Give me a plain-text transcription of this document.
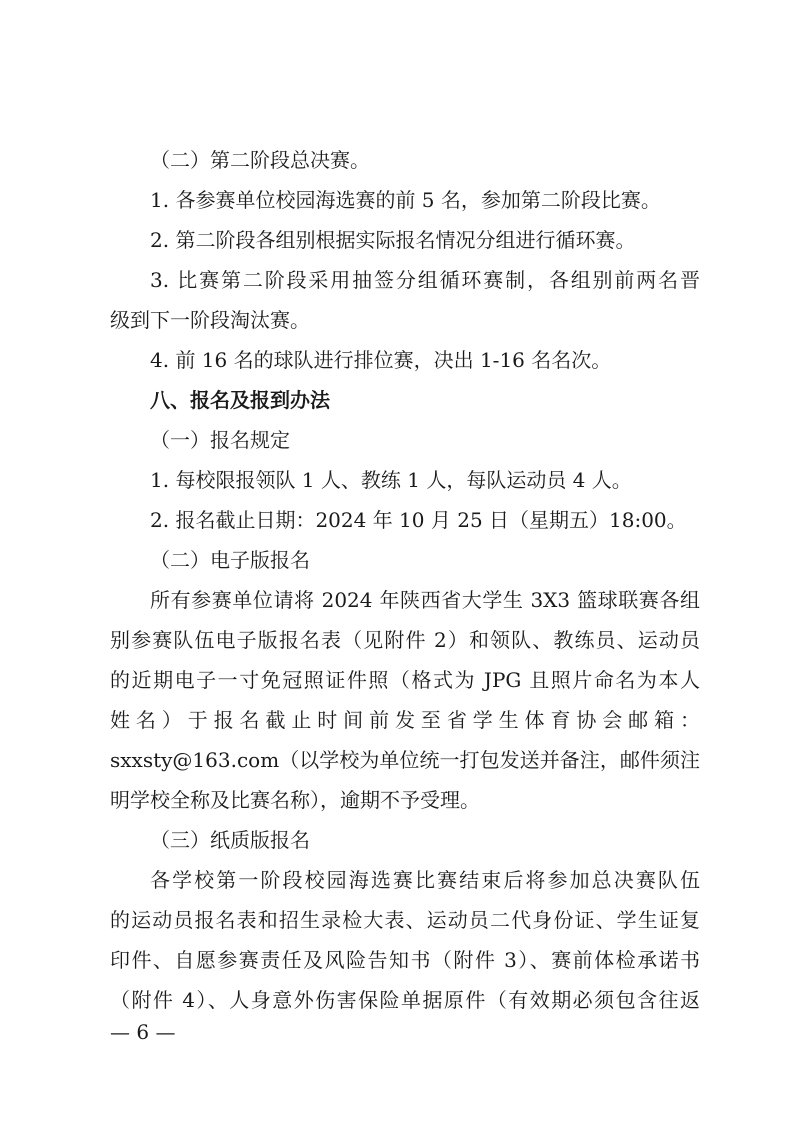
（二）第二阶段总决赛。
1. 各参赛单位校园海选赛的前 5 名，参加第二阶段比赛。
2. 第二阶段各组别根据实际报名情况分组进行循环赛。
3. 比赛第二阶段采用抽签分组循环赛制，各组别前两名晋
级到下一阶段淘汰赛。
4. 前 16 名的球队进行排位赛，决出 1-16 名名次。
八、报名及报到办法
（一）报名规定
1. 每校限报领队 1 人、教练 1 人，每队运动员 4 人。
2. 报名截止日期：2024 年 10 月 25 日（星期五）18:00。
（二）电子版报名
所有参赛单位请将 2024 年陕西省大学生 3X3 篮球联赛各组
别参赛队伍电子版报名表（见附件 2）和领队、教练员、运动员
的近期电子一寸免冠照证件照（格式为 JPG 且照片命名为本人
姓名）于报名截止时间前发至省学生体育协会邮箱：
sxxsty@163.com（以学校为单位统一打包发送并备注，邮件须注
明学校全称及比赛名称），逾期不予受理。
（三）纸质版报名
各学校第一阶段校园海选赛比赛结束后将参加总决赛队伍
的运动员报名表和招生录检大表、运动员二代身份证、学生证复
印件、自愿参赛责任及风险告知书（附件 3）、赛前体检承诺书
（附件 4）、人身意外伤害保险单据原件（有效期必须包含往返
— 6 —
